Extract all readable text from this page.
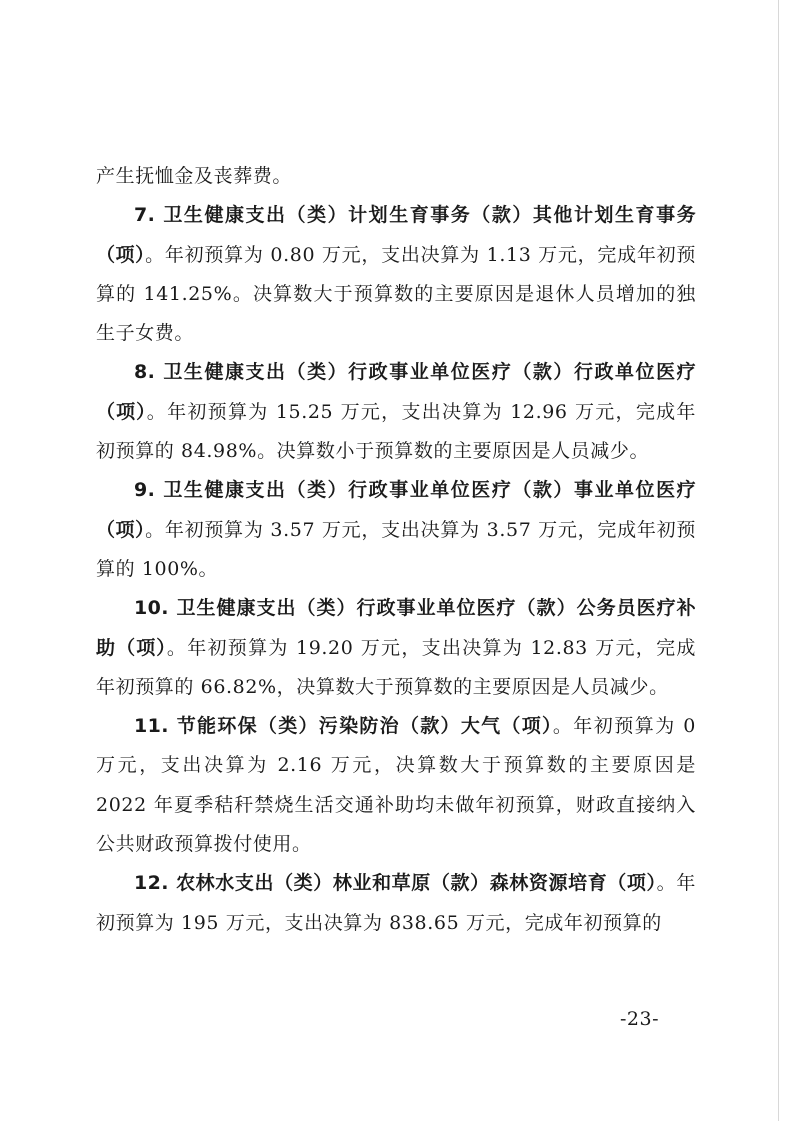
产生抚恤金及丧葬费。

7. 卫生健康支出（类）计划生育事务（款）其他计划生育事务（项）。年初预算为 0.80 万元，支出决算为 1.13 万元，完成年初预算的 141.25%。决算数大于预算数的主要原因是退休人员增加的独生子女费。

8. 卫生健康支出（类）行政事业单位医疗（款）行政单位医疗（项）。年初预算为 15.25 万元，支出决算为 12.96 万元，完成年初预算的 84.98%。决算数小于预算数的主要原因是人员减少。

9. 卫生健康支出（类）行政事业单位医疗（款）事业单位医疗（项）。年初预算为 3.57 万元，支出决算为 3.57 万元，完成年初预算的 100%。

10. 卫生健康支出（类）行政事业单位医疗（款）公务员医疗补助（项）。年初预算为 19.20 万元，支出决算为 12.83 万元，完成年初预算的 66.82%，决算数大于预算数的主要原因是人员减少。

11. 节能环保（类）污染防治（款）大气（项）。年初预算为 0 万元，支出决算为 2.16 万元，决算数大于预算数的主要原因是 2022 年夏季秸秆禁烧生活交通补助均未做年初预算，财政直接纳入公共财政预算拨付使用。

12. 农林水支出（类）林业和草原（款）森林资源培育（项）。年初预算为 195 万元，支出决算为 838.65 万元，完成年初预算的

-23-
